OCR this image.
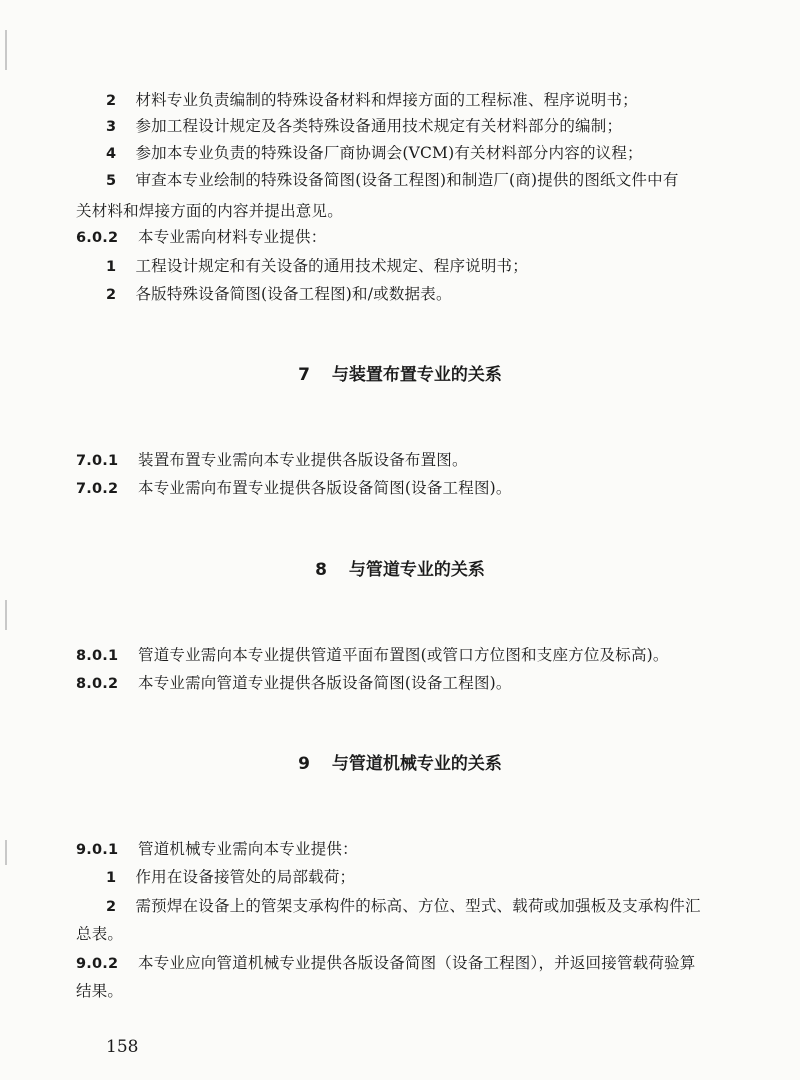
2 材料专业负责编制的特殊设备材料和焊接方面的工程标准、程序说明书；
3 参加工程设计规定及各类特殊设备通用技术规定有关材料部分的编制；
4 参加本专业负责的特殊设备厂商协调会(VCM)有关材料部分内容的议程；
5 审查本专业绘制的特殊设备简图(设备工程图)和制造厂(商)提供的图纸文件中有
关材料和焊接方面的内容并提出意见。
6.0.2 本专业需向材料专业提供：
1 工程设计规定和有关设备的通用技术规定、程序说明书；
2 各版特殊设备简图(设备工程图)和/或数据表。
7 与装置布置专业的关系
7.0.1 装置布置专业需向本专业提供各版设备布置图。
7.0.2 本专业需向布置专业提供各版设备简图(设备工程图)。
8 与管道专业的关系
8.0.1 管道专业需向本专业提供管道平面布置图(或管口方位图和支座方位及标高)。
8.0.2 本专业需向管道专业提供各版设备简图(设备工程图)。
9 与管道机械专业的关系
9.0.1 管道机械专业需向本专业提供：
1 作用在设备接管处的局部载荷；
2 需预焊在设备上的管架支承构件的标高、方位、型式、载荷或加强板及支承构件汇
总表。
9.0.2 本专业应向管道机械专业提供各版设备简图（设备工程图），并返回接管载荷验算
结果。
158
